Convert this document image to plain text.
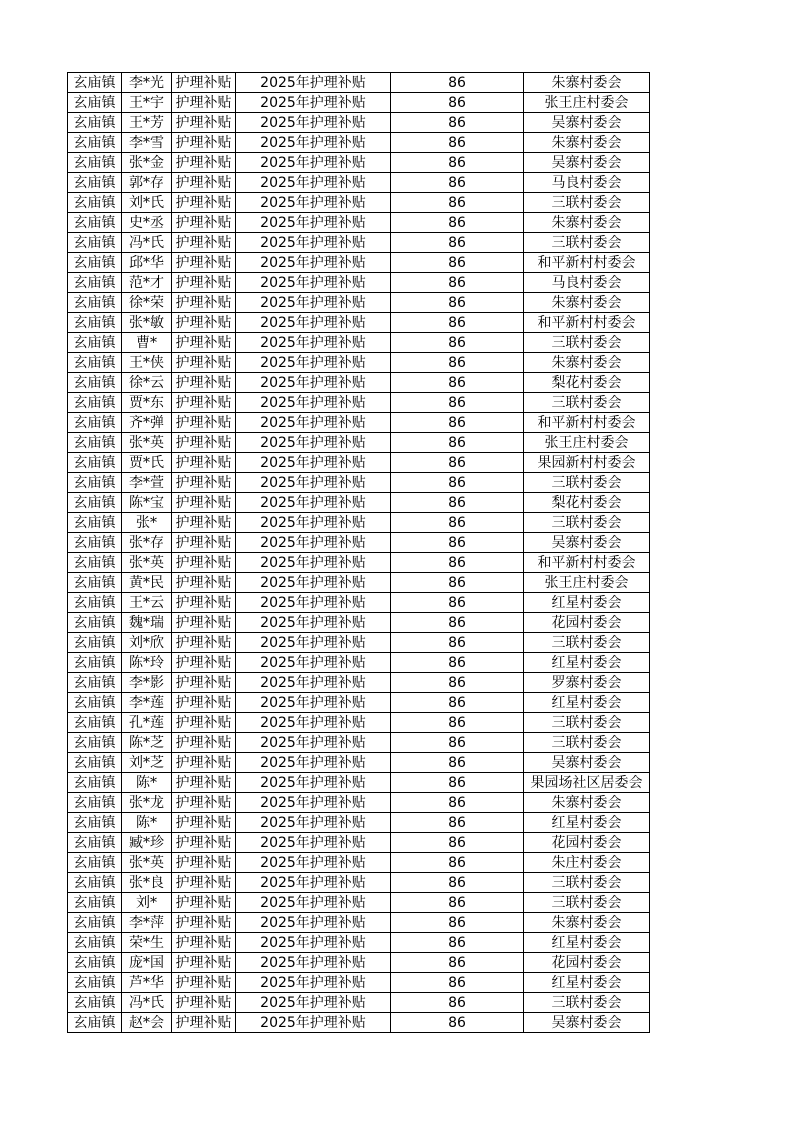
玄庙镇	李*光	护理补贴	2025年护理补贴	86	朱寨村委会
玄庙镇	王*宇	护理补贴	2025年护理补贴	86	张王庄村委会
玄庙镇	王*芳	护理补贴	2025年护理补贴	86	吴寨村委会
玄庙镇	李*雪	护理补贴	2025年护理补贴	86	朱寨村委会
玄庙镇	张*金	护理补贴	2025年护理补贴	86	吴寨村委会
玄庙镇	郭*存	护理补贴	2025年护理补贴	86	马良村委会
玄庙镇	刘*氏	护理补贴	2025年护理补贴	86	三联村委会
玄庙镇	史*丞	护理补贴	2025年护理补贴	86	朱寨村委会
玄庙镇	冯*氏	护理补贴	2025年护理补贴	86	三联村委会
玄庙镇	邱*华	护理补贴	2025年护理补贴	86	和平新村村委会
玄庙镇	范*才	护理补贴	2025年护理补贴	86	马良村委会
玄庙镇	徐*荣	护理补贴	2025年护理补贴	86	朱寨村委会
玄庙镇	张*敏	护理补贴	2025年护理补贴	86	和平新村村委会
玄庙镇	曹*	护理补贴	2025年护理补贴	86	三联村委会
玄庙镇	王*侠	护理补贴	2025年护理补贴	86	朱寨村委会
玄庙镇	徐*云	护理补贴	2025年护理补贴	86	梨花村委会
玄庙镇	贾*东	护理补贴	2025年护理补贴	86	三联村委会
玄庙镇	齐*弹	护理补贴	2025年护理补贴	86	和平新村村委会
玄庙镇	张*英	护理补贴	2025年护理补贴	86	张王庄村委会
玄庙镇	贾*氏	护理补贴	2025年护理补贴	86	果园新村村委会
玄庙镇	李*萱	护理补贴	2025年护理补贴	86	三联村委会
玄庙镇	陈*宝	护理补贴	2025年护理补贴	86	梨花村委会
玄庙镇	张*	护理补贴	2025年护理补贴	86	三联村委会
玄庙镇	张*存	护理补贴	2025年护理补贴	86	吴寨村委会
玄庙镇	张*英	护理补贴	2025年护理补贴	86	和平新村村委会
玄庙镇	黄*民	护理补贴	2025年护理补贴	86	张王庄村委会
玄庙镇	王*云	护理补贴	2025年护理补贴	86	红星村委会
玄庙镇	魏*瑞	护理补贴	2025年护理补贴	86	花园村委会
玄庙镇	刘*欣	护理补贴	2025年护理补贴	86	三联村委会
玄庙镇	陈*玲	护理补贴	2025年护理补贴	86	红星村委会
玄庙镇	李*影	护理补贴	2025年护理补贴	86	罗寨村委会
玄庙镇	李*莲	护理补贴	2025年护理补贴	86	红星村委会
玄庙镇	孔*莲	护理补贴	2025年护理补贴	86	三联村委会
玄庙镇	陈*芝	护理补贴	2025年护理补贴	86	三联村委会
玄庙镇	刘*芝	护理补贴	2025年护理补贴	86	吴寨村委会
玄庙镇	陈*	护理补贴	2025年护理补贴	86	果园场社区居委会
玄庙镇	张*龙	护理补贴	2025年护理补贴	86	朱寨村委会
玄庙镇	陈*	护理补贴	2025年护理补贴	86	红星村委会
玄庙镇	臧*珍	护理补贴	2025年护理补贴	86	花园村委会
玄庙镇	张*英	护理补贴	2025年护理补贴	86	朱庄村委会
玄庙镇	张*良	护理补贴	2025年护理补贴	86	三联村委会
玄庙镇	刘*	护理补贴	2025年护理补贴	86	三联村委会
玄庙镇	李*萍	护理补贴	2025年护理补贴	86	朱寨村委会
玄庙镇	荣*生	护理补贴	2025年护理补贴	86	红星村委会
玄庙镇	庞*国	护理补贴	2025年护理补贴	86	花园村委会
玄庙镇	芦*华	护理补贴	2025年护理补贴	86	红星村委会
玄庙镇	冯*氏	护理补贴	2025年护理补贴	86	三联村委会
玄庙镇	赵*会	护理补贴	2025年护理补贴	86	吴寨村委会
